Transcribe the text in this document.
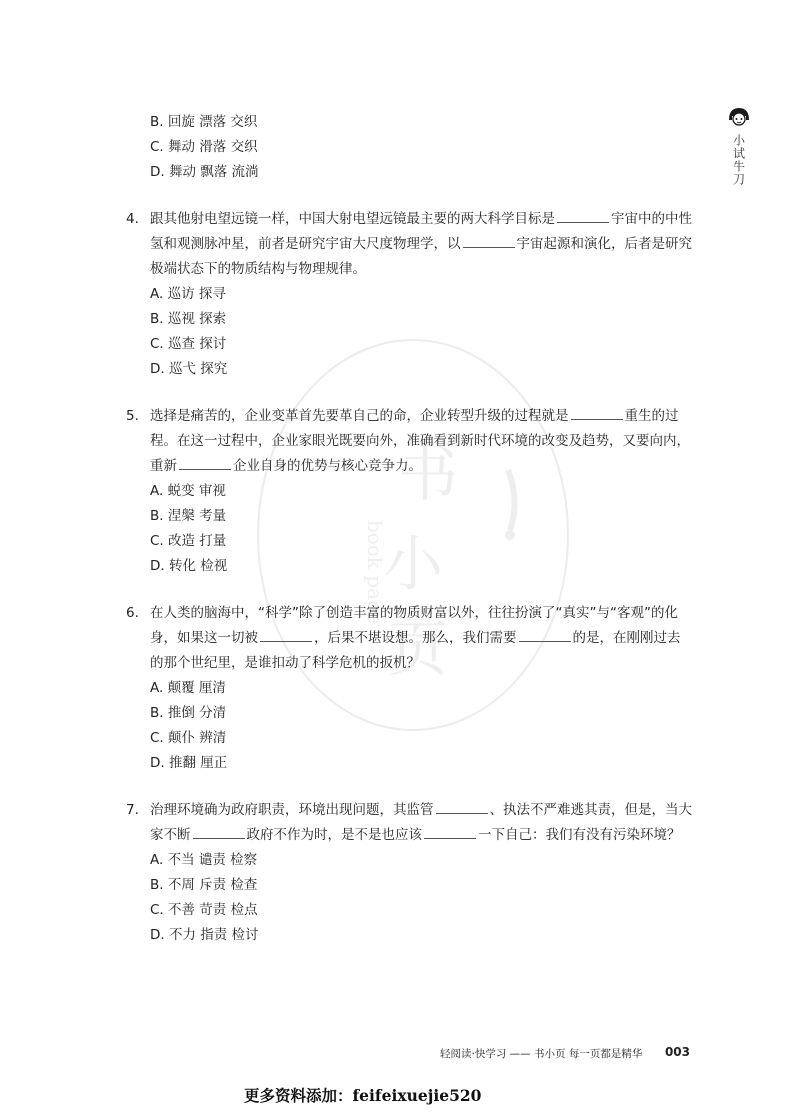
书
小
页
book page
小试牛刀
B. 回旋 漂落 交织
C. 舞动 滑落 交织
D. 舞动 飘落 流淌
4. 跟其他射电望远镜一样，中国大射电望远镜最主要的两大科学目标是	宇宙中的中性氢和观测脉冲星，前者是研究宇宙大尺度物理学，以	宇宙起源和演化，后者是研究极端状态下的物质结构与物理规律。
A. 巡访 探寻
B. 巡视 探索
C. 巡查 探讨
D. 巡弋 探究
5. 选择是痛苦的，企业变革首先要革自己的命，企业转型升级的过程就是	重生的过程。在这一过程中，企业家眼光既要向外，准确看到新时代环境的改变及趋势，又要向内，重新	企业自身的优势与核心竞争力。
A. 蜕变 审视
B. 涅槃 考量
C. 改造 打量
D. 转化 检视
6. 在人类的脑海中，“科学”除了创造丰富的物质财富以外，往往扮演了“真实”与“客观”的化身，如果这一切被	，后果不堪设想。那么，我们需要	的是，在刚刚过去的那个世纪里，是谁扣动了科学危机的扳机？
A. 颠覆 厘清
B. 推倒 分清
C. 颠仆 辨清
D. 推翻 厘正
7. 治理环境确为政府职责，环境出现问题，其监管	、执法不严难逃其责，但是，当大家不断	政府不作为时，是不是也应该	一下自己：我们有没有污染环境？
A. 不当 谴责 检察
B. 不周 斥责 检查
C. 不善 苛责 检点
D. 不力 指责 检讨
轻阅读·快学习 —— 书小页 每一页都是精华 003
更多资料添加：feifeixuejie520
